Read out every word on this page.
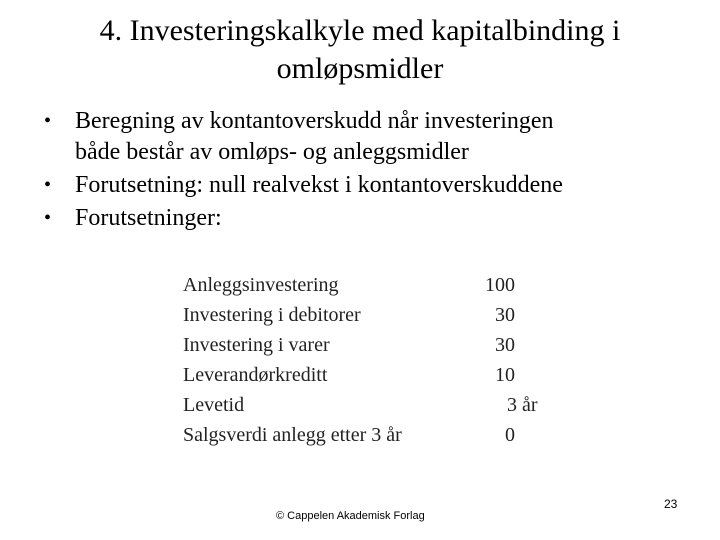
4. Investeringskalkyle med kapitalbinding i
omløpsmidler
• Beregning av kontantoverskudd når investeringen
både består av omløps- og anleggsmidler
• Forutsetning: null realvekst i kontantoverskuddene
• Forutsetninger:
Anleggsinvestering	100
Investering i debitorer	30
Investering i varer	30
Leverandørkreditt	10
Levetid	3 år
Salgsverdi anlegg etter 3 år	0
© Cappelen Akademisk Forlag
23
